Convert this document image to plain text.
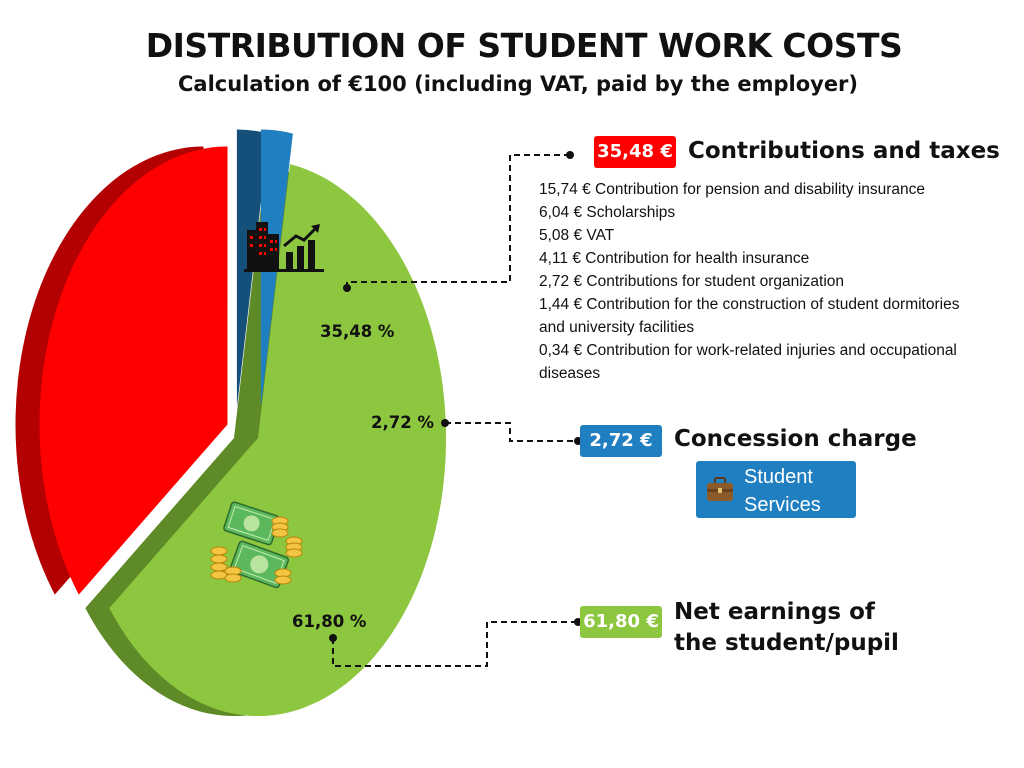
DISTRIBUTION OF STUDENT WORK COSTS
Calculation of €100 (including VAT, paid by the employer)
35,48 %
2,72 %
61,80 %
35,48 € Contributions and taxes
15,74 € Contribution for pension and disability insurance
6,04 € Scholarships
5,08 € VAT
4,11 € Contribution for health insurance
2,72 € Contributions for student organization
1,44 € Contribution for the construction of student dormitories and university facilities
0,34 € Contribution for work-related injuries and occupational diseases
2,72 € Concession charge
Student Services
61,80 € Net earnings of
the student/pupil
